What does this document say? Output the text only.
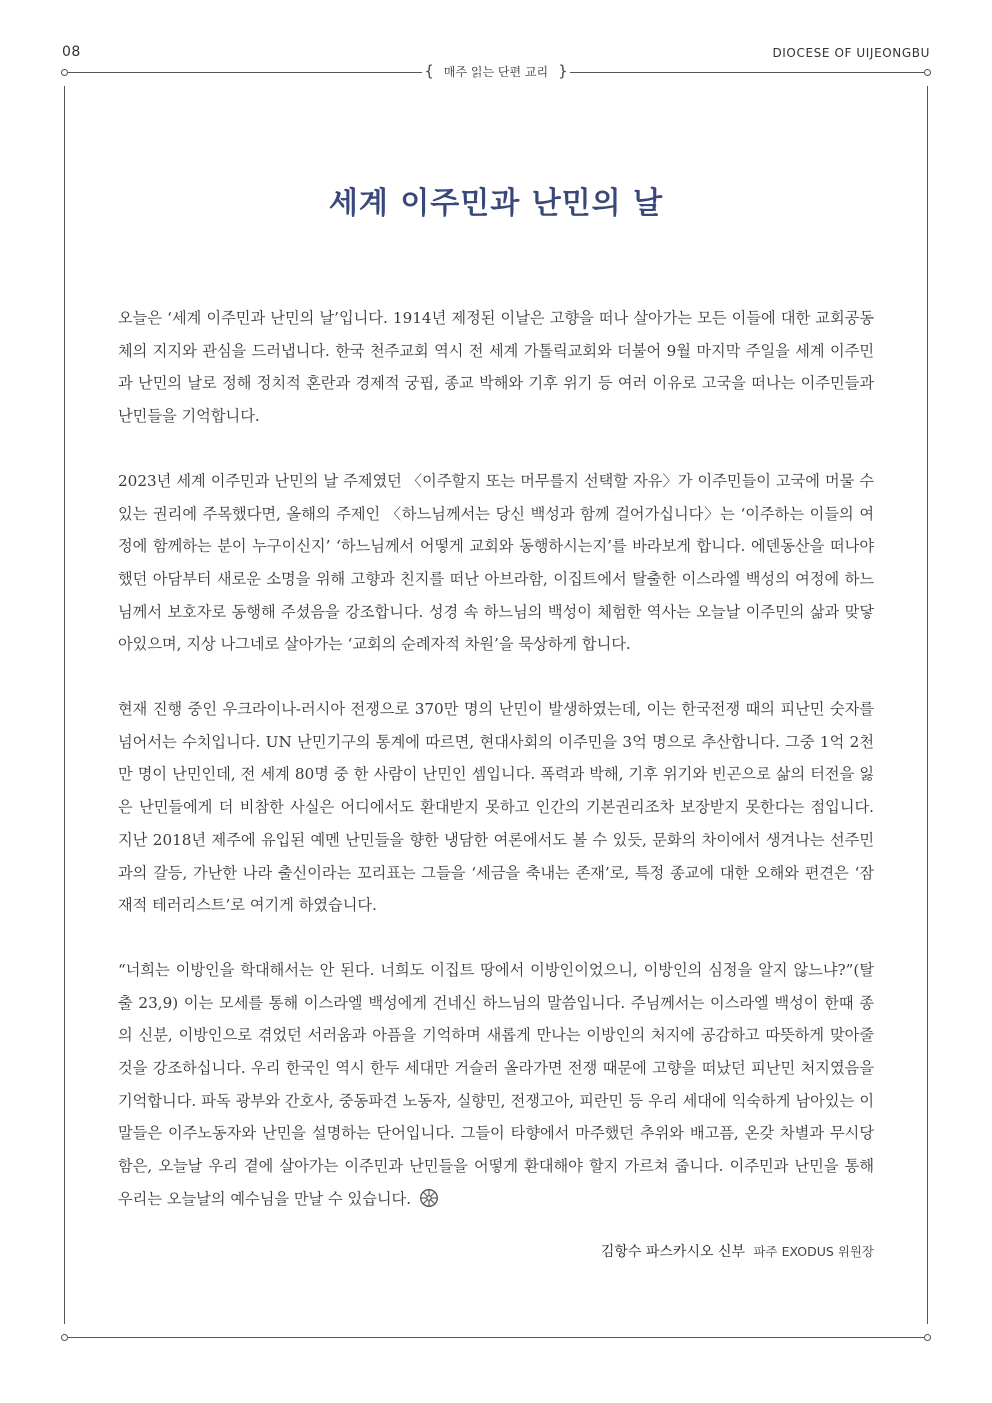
08	DIOCESE OF UIJEONGBU
{ 매주 읽는 단편 교리 }
세계 이주민과 난민의 날

오늘은 ‘세계 이주민과 난민의 날’입니다. 1914년 제정된 이날은 고향을 떠나 살아가는 모든 이들에 대한 교회공동체의 지지와 관심을 드러냅니다. 한국 천주교회 역시 전 세계 가톨릭교회와 더불어 9월 마지막 주일을 세계 이주민과 난민의 날로 정해 정치적 혼란과 경제적 궁핍, 종교 박해와 기후 위기 등 여러 이유로 고국을 떠나는 이주민들과 난민들을 기억합니다.

2023년 세계 이주민과 난민의 날 주제였던 〈이주할지 또는 머무를지 선택할 자유〉가 이주민들이 고국에 머물 수 있는 권리에 주목했다면, 올해의 주제인 〈하느님께서는 당신 백성과 함께 걸어가십니다〉는 ‘이주하는 이들의 여정에 함께하는 분이 누구이신지’ ‘하느님께서 어떻게 교회와 동행하시는지’를 바라보게 합니다. 에덴동산을 떠나야 했던 아담부터 새로운 소명을 위해 고향과 친지를 떠난 아브라함, 이집트에서 탈출한 이스라엘 백성의 여정에 하느님께서 보호자로 동행해 주셨음을 강조합니다. 성경 속 하느님의 백성이 체험한 역사는 오늘날 이주민의 삶과 맞닿아있으며, 지상 나그네로 살아가는 ‘교회의 순례자적 차원’을 묵상하게 합니다.

현재 진행 중인 우크라이나-러시아 전쟁으로 370만 명의 난민이 발생하였는데, 이는 한국전쟁 때의 피난민 숫자를 넘어서는 수치입니다. UN 난민기구의 통계에 따르면, 현대사회의 이주민을 3억 명으로 추산합니다. 그중 1억 2천만 명이 난민인데, 전 세계 80명 중 한 사람이 난민인 셈입니다. 폭력과 박해, 기후 위기와 빈곤으로 삶의 터전을 잃은 난민들에게 더 비참한 사실은 어디에서도 환대받지 못하고 인간의 기본권리조차 보장받지 못한다는 점입니다. 지난 2018년 제주에 유입된 예멘 난민들을 향한 냉담한 여론에서도 볼 수 있듯, 문화의 차이에서 생겨나는 선주민과의 갈등, 가난한 나라 출신이라는 꼬리표는 그들을 ‘세금을 축내는 존재’로, 특정 종교에 대한 오해와 편견은 ‘잠재적 테러리스트’로 여기게 하였습니다.

“너희는 이방인을 학대해서는 안 된다. 너희도 이집트 땅에서 이방인이었으니, 이방인의 심정을 알지 않느냐?”(탈출 23,9) 이는 모세를 통해 이스라엘 백성에게 건네신 하느님의 말씀입니다. 주님께서는 이스라엘 백성이 한때 종의 신분, 이방인으로 겪었던 서러움과 아픔을 기억하며 새롭게 만나는 이방인의 처지에 공감하고 따뜻하게 맞아줄 것을 강조하십니다. 우리 한국인 역시 한두 세대만 거슬러 올라가면 전쟁 때문에 고향을 떠났던 피난민 처지였음을 기억합니다. 파독 광부와 간호사, 중동파견 노동자, 실향민, 전쟁고아, 피란민 등 우리 세대에 익숙하게 남아있는 이 말들은 이주노동자와 난민을 설명하는 단어입니다. 그들이 타향에서 마주했던 추위와 배고픔, 온갖 차별과 무시당함은, 오늘날 우리 곁에 살아가는 이주민과 난민들을 어떻게 환대해야 할지 가르쳐 줍니다. 이주민과 난민을 통해 우리는 오늘날의 예수님을 만날 수 있습니다.

김항수 파스카시오 신부 파주 EXODUS 위원장
